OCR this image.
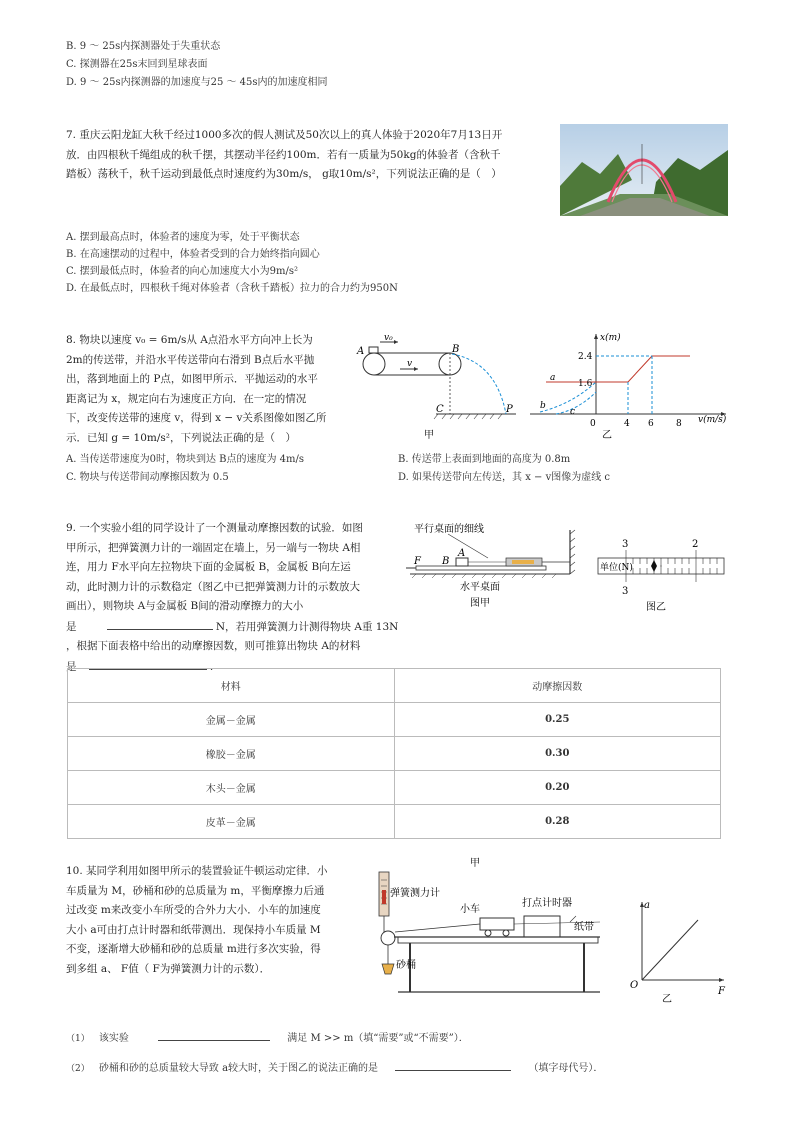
B. 9 ～ 25s内探测器处于失重状态
C. 探测器在25s末回到星球表面
D. 9 ～ 25s内探测器的加速度与25 ～ 45s内的加速度相同
7. 重庆云阳龙缸大秋千经过1000多次的假人测试及50次以上的真人体验于2020年7月13日开
放．由四根秋千绳组成的秋千摆，其摆动半径约100m．若有一质量为50kg的体验者（含秋千
踏板）荡秋千，秋千运动到最低点时速度约为30m/s， g取10m/s²，下列说法正确的是（　）
A. 摆到最高点时，体验者的速度为零，处于平衡状态
B. 在高速摆动的过程中，体验者受到的合力始终指向圆心
C. 摆到最低点时，体验者的向心加速度大小为9m/s²
D. 在最低点时，四根秋千绳对体验者（含秋千踏板）拉力的合力约为950N
8. 物块以速度 v₀ = 6m/s从 A点沿水平方向冲上长为
2m的传送带，并沿水平传送带向右滑到 B点后水平抛
出，落到地面上的 P点，如图甲所示．平抛运动的水平
距离记为 x，规定向右为速度正方向．在一定的情况
下，改变传送带的速度 v，得到 x − v关系图像如图乙所
示．已知 g = 10m/s²，下列说法正确的是（　）
A
v₀
v
B
C	P
甲
x(m)
v(m/s)
2.4
1.6
0	4 6 8
a
b
c
乙
A. 当传送带速度为0时，物块到达 B点的速度为 4m/s	B. 传送带上表面到地面的高度为 0.8m
C. 物块与传送带间动摩擦因数为 0.5	D. 如果传送带向左传送，其 x − v图像为虚线 c
9. 一个实验小组的同学设计了一个测量动摩擦因数的试验．如图
甲所示，把弹簧测力计的一端固定在墙上，另一端与一物块 A相
连，用力 F水平向左拉物块下面的金属板 B，金属板 B向左运
动，此时测力计的示数稳定（图乙中已把弹簧测力计的示数放大
画出），则物块 A与金属板 B间的滑动摩擦力的大小
是	N，若用弹簧测力计测得物块 A重 13N
，根据下面表格中给出的动摩擦因数，则可推算出物块 A的材料
是	.
平行桌面的细线
F B
A
水平桌面
图甲
3	2
单位(N)
3
图乙
材料	动摩擦因数
金属－金属	0.25
橡胶－金属	0.30
木头－金属	0.20
皮革－金属	0.28
10. 某同学利用如图甲所示的装置验证牛顿运动定律．小
车质量为 M，砂桶和砂的总质量为 m，平衡摩擦力后通
过改变 m来改变小车所受的合外力大小．小车的加速度
大小 a可由打点计时器和纸带测出．现保持小车质量 M
不变，逐渐增大砂桶和砂的总质量 m进行多次实验，得
到多组 a、 F值（ F为弹簧测力计的示数）．
弹簧测力计
小车
打点计时器
纸带
砂桶
甲
a
F
O
乙
（1） 该实验	满足 M >> m（填“需要”或“不需要”）．
（2） 砂桶和砂的总质量较大导致 a较大时，关于图乙的说法正确的是	（填字母代号）．
